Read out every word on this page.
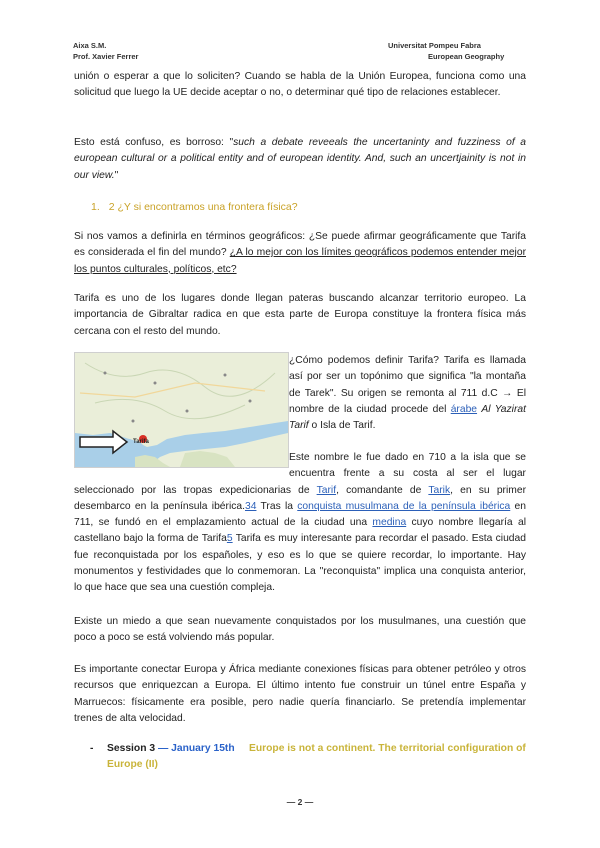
Aixa S.M.
Prof. Xavier Ferrer
Universitat Pompeu Fabra
European Geography

unión o esperar a que lo soliciten? Cuando se habla de la Unión Europea, funciona como una solicitud que luego la UE decide aceptar o no, o determinar qué tipo de relaciones establecer.

Esto está confuso, es borroso: "such a debate reveeals the uncertaninty and fuzziness of a european cultural or a political entity and of european identity. And, such an uncertjainity is not in our view."

1. 2 ¿Y si encontramos una frontera física?

Si nos vamos a definirla en términos geográficos: ¿Se puede afirmar geográficamente que Tarifa es considerada el fin del mundo? ¿A lo mejor con los límites geográficos podemos entender mejor los puntos culturales, políticos, etc?

Tarifa es uno de los lugares donde llegan pateras buscando alcanzar territorio europeo. La importancia de Gibraltar radica en que esta parte de Europa constituye la frontera física más cercana con el resto del mundo.

Tarifa

¿Cómo podemos definir Tarifa? Tarifa es llamada así por ser un topónimo que significa "la montaña de Tarek". Su origen se remonta al 711 d.C → El nombre de la ciudad procede del árabe Al Yazirat Tarif o Isla de Tarif.

Este nombre le fue dado en 710 a la isla que se encuentra frente a su costa al ser el lugar seleccionado por las tropas expedicionarias de Tarif, comandante de Tarik, en su primer desembarco en la península ibérica.34 Tras la conquista musulmana de la península ibérica en 711, se fundó en el emplazamiento actual de la ciudad una medina cuyo nombre llegaría al castellano bajo la forma de Tarifa5 Tarifa es muy interesante para recordar el pasado. Esta ciudad fue reconquistada por los españoles, y eso es lo que se quiere recordar, lo importante. Hay monumentos y festividades que lo conmemoran. La "reconquista" implica una conquista anterior, lo que hace que sea una cuestión compleja.

Existe un miedo a que sean nuevamente conquistados por los musulmanes, una cuestión que poco a poco se está volviendo más popular.

Es importante conectar Europa y África mediante conexiones físicas para obtener petróleo y otros recursos que enriquezcan a Europa. El último intento fue construir un túnel entre España y Marruecos: físicamente era posible, pero nadie quería financiarlo. Se pretendía implementar trenes de alta velocidad.

-	Session 3 — January 15th Europe is not a continent. The territorial configuration of Europe (II)
— 2 —
